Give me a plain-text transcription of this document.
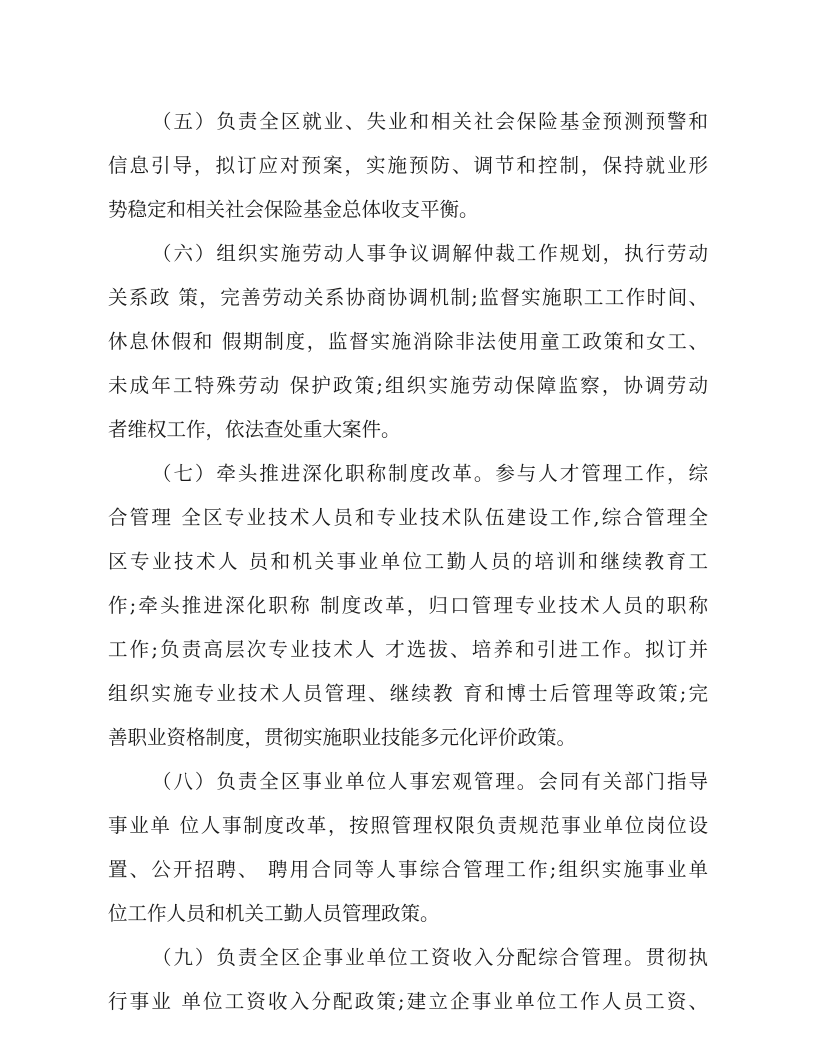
（五）负责全区就业、失业和相关社会保险基金预测预警和
信息引导，拟订应对预案，实施预防、调节和控制，保持就业形
势稳定和相关社会保险基金总体收支平衡。
（六）组织实施劳动人事争议调解仲裁工作规划，执行劳动
关系政 策，完善劳动关系协商协调机制;监督实施职工工作时间、
休息休假和 假期制度，监督实施消除非法使用童工政策和女工、
未成年工特殊劳动 保护政策;组织实施劳动保障监察，协调劳动
者维权工作，依法查处重大案件。
（七）牵头推进深化职称制度改革。参与人才管理工作，综
合管理 全区专业技术人员和专业技术队伍建设工作,综合管理全
区专业技术人 员和机关事业单位工勤人员的培训和继续教育工
作;牵头推进深化职称 制度改革，归口管理专业技术人员的职称
工作;负责高层次专业技术人 才选拔、培养和引进工作。拟订并
组织实施专业技术人员管理、继续教 育和博士后管理等政策;完
善职业资格制度，贯彻实施职业技能多元化评价政策。
（八）负责全区事业单位人事宏观管理。会同有关部门指导
事业单 位人事制度改革，按照管理权限负责规范事业单位岗位设
置、公开招聘、 聘用合同等人事综合管理工作;组织实施事业单
位工作人员和机关工勤人员管理政策。
（九）负责全区企事业单位工资收入分配综合管理。贯彻执
行事业 单位工资收入分配政策;建立企事业单位工作人员工资、
